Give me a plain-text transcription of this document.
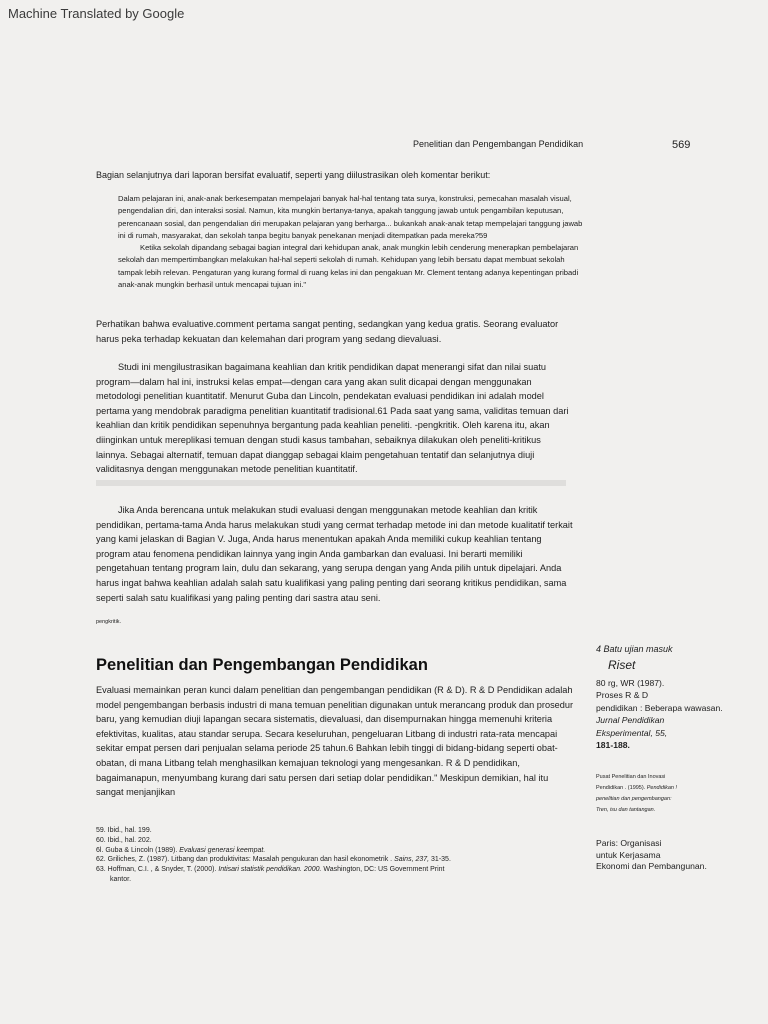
Machine Translated by Google
Penelitian dan Pengembangan Pendidikan	569
Bagian selanjutnya dari laporan bersifat evaluatif, seperti yang diilustrasikan oleh komentar berikut:

Dalam pelajaran ini, anak-anak berkesempatan mempelajari banyak hal-hal tentang tata surya, konstruksi, pemecahan masalah visual, pengendalian diri, dan interaksi sosial. Namun, kita mungkin bertanya-tanya, apakah tanggung jawab untuk pengambilan keputusan, perencanaan sosial, dan pengendalian diri merupakan pelajaran yang berharga... bukankah anak-anak tetap mempelajari tanggung jawab ini di rumah, masyarakat, dan sekolah tanpa begitu banyak penekanan menjadi ditempatkan pada mereka?59

Ketika sekolah dipandang sebagai bagian integral dari kehidupan anak, anak mungkin lebih cenderung menerapkan pembelajaran sekolah dan mempertimbangkan melakukan hal-hal seperti sekolah di rumah. Kehidupan yang lebih bersatu dapat membuat sekolah tampak lebih relevan. Pengaturan yang kurang formal di ruang kelas ini dan pengakuan Mr. Clement tentang adanya kepentingan pribadi anak-anak mungkin berhasil untuk mencapai tujuan ini."

Perhatikan bahwa evaluative.comment pertama sangat penting, sedangkan yang kedua gratis. Seorang evaluator harus peka terhadap kekuatan dan kelemahan dari program yang sedang dievaluasi.

Studi ini mengilustrasikan bagaimana keahlian dan kritik pendidikan dapat menerangi sifat dan nilai suatu program—dalam hal ini, instruksi kelas empat—dengan cara yang akan sulit dicapai dengan menggunakan metodologi penelitian kuantitatif. Menurut Guba dan Lincoln, pendekatan evaluasi pendidikan ini adalah model pertama yang mendobrak paradigma penelitian kuantitatif tradisional.61 Pada saat yang sama, validitas temuan dari keahlian dan kritik pendidikan sepenuhnya bergantung pada keahlian peneliti. -pengkritik. Oleh karena itu, akan diinginkan untuk mereplikasi temuan dengan studi kasus tambahan, sebaiknya dilakukan oleh peneliti-kritikus lainnya. Sebagai alternatif, temuan dapat dianggap sebagai klaim pengetahuan tentatif dan selanjutnya diuji validitasnya dengan menggunakan metode penelitian kuantitatif.

Jika Anda berencana untuk melakukan studi evaluasi dengan menggunakan metode keahlian dan kritik pendidikan, pertama-tama Anda harus melakukan studi yang cermat terhadap metode ini dan metode kualitatif terkait yang kami jelaskan di Bagian V. Juga, Anda harus menentukan apakah Anda memiliki cukup keahlian tentang program atau fenomena pendidikan lainnya yang ingin Anda gambarkan dan evaluasi. Ini berarti memiliki pengetahuan tentang program lain, dulu dan sekarang, yang serupa dengan yang Anda pilih untuk dipelajari. Anda harus ingat bahwa keahlian adalah salah satu kualifikasi yang paling penting dari seorang kritikus pendidikan, sama seperti salah satu kualifikasi yang paling penting dari sastra atau seni.

pengkritik.
Penelitian dan Pengembangan Pendidikan

Evaluasi memainkan peran kunci dalam penelitian dan pengembangan pendidikan (R & D). R & D Pendidikan adalah model pengembangan berbasis industri di mana temuan penelitian digunakan untuk merancang produk dan prosedur baru, yang kemudian diuji lapangan secara sistematis, dievaluasi, dan disempurnakan hingga memenuhi kriteria efektivitas, kualitas, atau standar serupa. Secara keseluruhan, pengeluaran Litbang di industri rata-rata mencapai sekitar empat persen dari penjualan selama periode 25 tahun.6 Bahkan lebih tinggi di bidang-bidang seperti obat-obatan, di mana Litbang telah menghasilkan kemajuan teknologi yang mengesankan. R & D pendidikan, bagaimanapun, menyumbang kurang dari satu persen dari setiap dolar pendidikan." Meskipun demikian, hal itu sangat menjanjikan

59. Ibid., hal. 199.
60. Ibid., hal. 202.
6l. Guba & Lincoln (1989). Evaluasi generasi keempat.
62. Griliches, Z. (1987). Litbang dan produktivitas: Masalah pengukuran dan hasil ekonometrik . Sains, 237, 31-35.
63. Hoffman, C.I. , & Snyder, T. (2000). Intisari statistik pendidikan. 2000. Washington, DC: US Government Print
kantor.
4 Batu ujian masuk
Riset
80 rg, WR (1987).
Proses R & D
pendidikan : Beberapa wawasan.
Jurnal Pendidikan
Eksperimental, 55,
181-188.
Pusat Penelitian dan Inovasi
Pendidikan . (1995). Pendidikan !
penelitian dan pengembangan:
Tren, isu dan tantangan.
Paris: Organisasi
untuk Kerjasama
Ekonomi dan Pembangunan.
